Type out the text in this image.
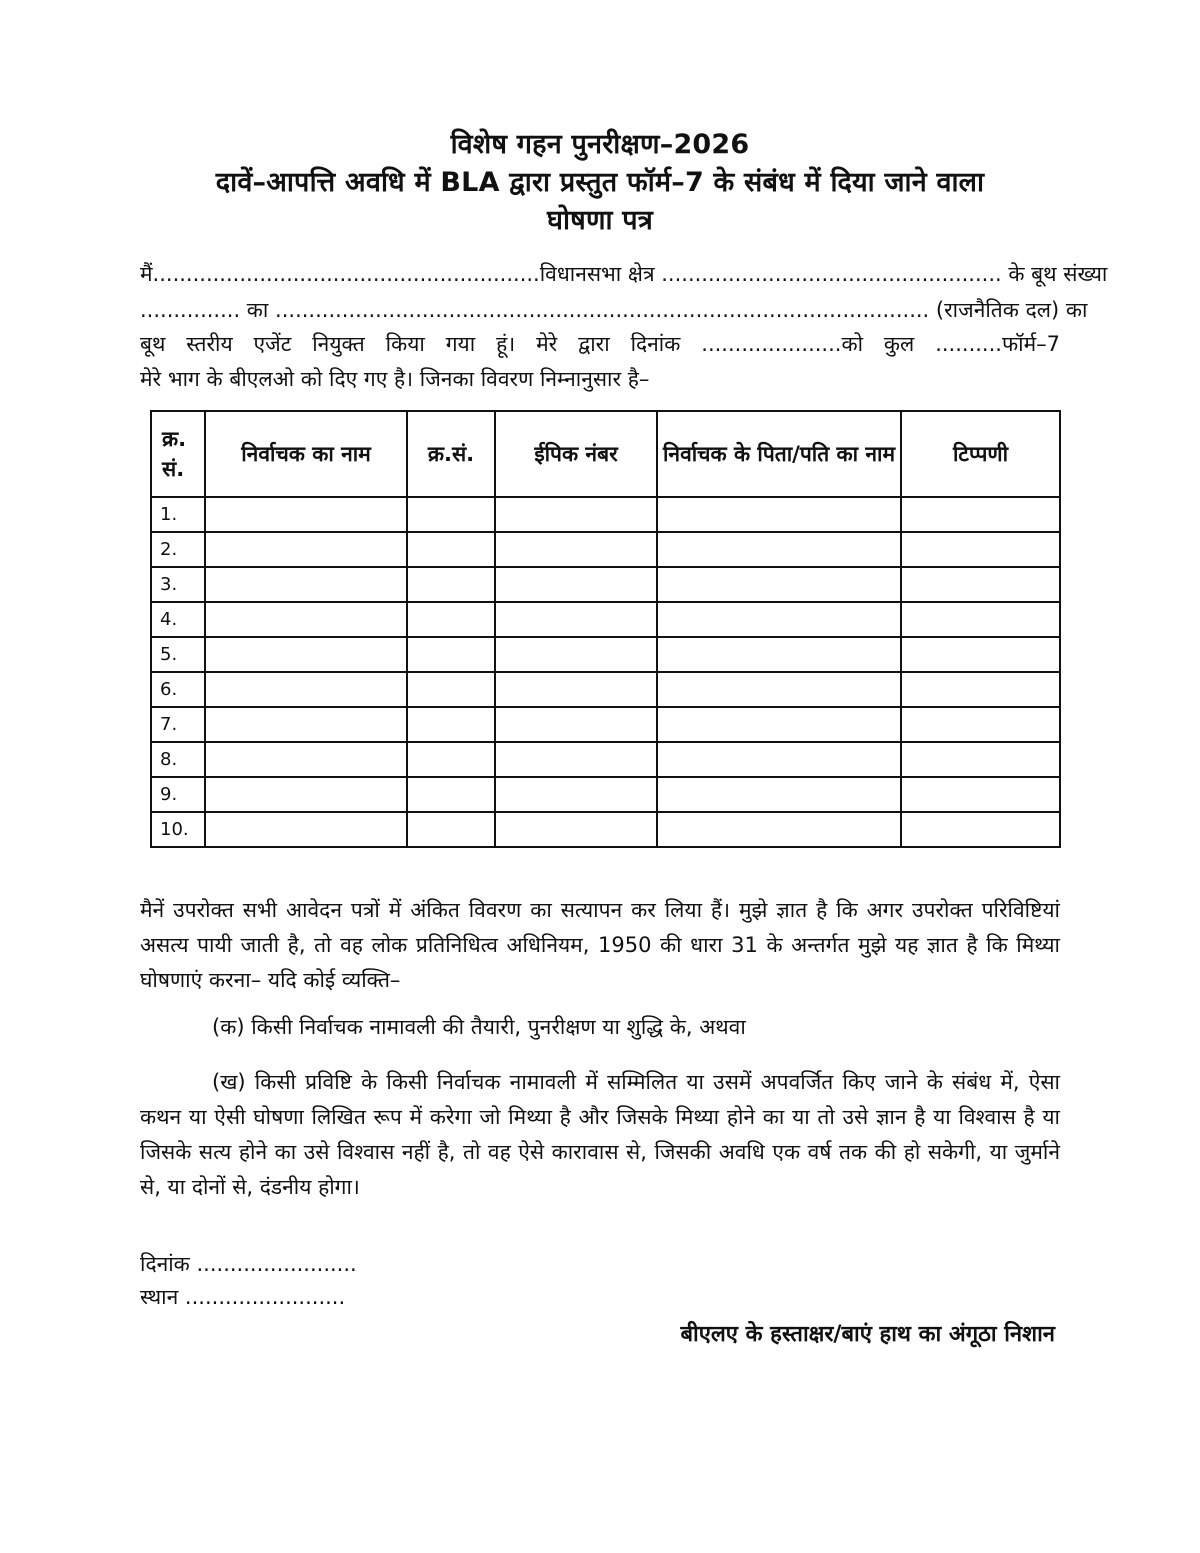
विशेष गहन पुनरीक्षण–2026
दावें–आपत्ति अवधि में BLA द्वारा प्रस्तुत फॉर्म–7 के संबंध में दिया जाने वाला
घोषणा पत्र
मैं..........................................................विधानसभा क्षेत्र ................................................... के बूथ संख्या
............... का .................................................................................................. (राजनैतिक दल) का
बूथ स्तरीय एजेंट नियुक्त किया गया हूं। मेरे द्वारा दिनांक .....................को कुल ..........फॉर्म–7
मेरे भाग के बीएलओ को दिए गए है। जिनका विवरण निम्नानुसार है–
क्र. सं.	निर्वाचक का नाम	क्र.सं.	ईपिक नंबर	निर्वाचक के पिता/पति का नाम	टिप्पणी
1.					
2.					
3.					
4.					
5.					
6.					
7.					
8.					
9.					
10.					
मैनें उपरोक्त सभी आवेदन पत्रों में अंकित विवरण का सत्यापन कर लिया हैं। मुझे ज्ञात है कि अगर उपरोक्त परिविष्टियां असत्य पायी जाती है, तो वह लोक प्रतिनिधित्व अधिनियम, 1950 की धारा 31 के अन्तर्गत मुझे यह ज्ञात है कि मिथ्या घोषणाएं करना– यदि कोई व्यक्ति–
(क) किसी निर्वाचक नामावली की तैयारी, पुनरीक्षण या शुद्धि के, अथवा
(ख) किसी प्रविष्टि के किसी निर्वाचक नामावली में सम्मिलित या उसमें अपवर्जित किए जाने के संबंध में, ऐसा कथन या ऐसी घोषणा लिखित रूप में करेगा जो मिथ्या है और जिसके मिथ्या होने का या तो उसे ज्ञान है या विश्वास है या जिसके सत्य होने का उसे विश्वास नहीं है, तो वह ऐसे कारावास से, जिसकी अवधि एक वर्ष तक की हो सकेगी, या जुर्माने से, या दोनों से, दंडनीय होगा।
दिनांक ........................
स्थान ........................
बीएलए के हस्ताक्षर/बाएं हाथ का अंगूठा निशान
